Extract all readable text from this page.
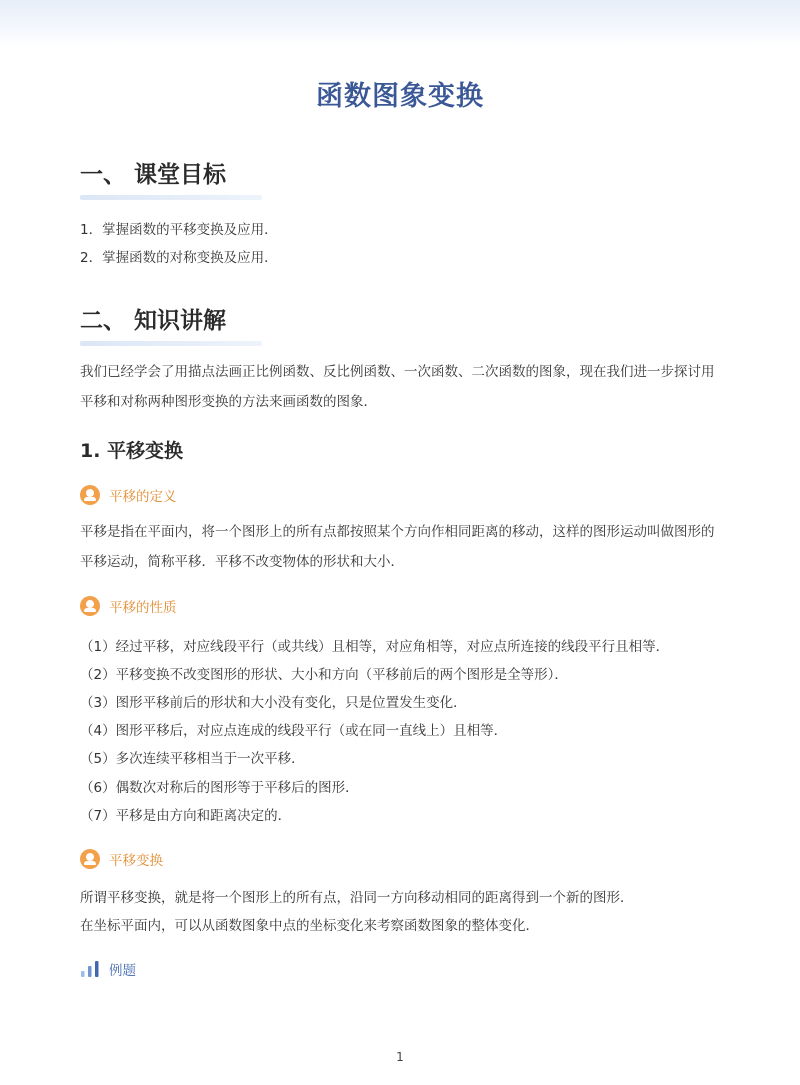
函数图象变换
一、 课堂目标
1．掌握函数的平移变换及应用．
2．掌握函数的对称变换及应用．
二、 知识讲解
我们已经学会了用描点法画正比例函数、反比例函数、一次函数、二次函数的图象，现在我们进一步探讨用平移和对称两种图形变换的方法来画函数的图象．
1. 平移变换
平移的定义
平移是指在平面内，将一个图形上的所有点都按照某个方向作相同距离的移动，这样的图形运动叫做图形的平移运动，简称平移．平移不改变物体的形状和大小．
平移的性质
（1）经过平移，对应线段平行（或共线）且相等，对应角相等，对应点所连接的线段平行且相等．
（2）平移变换不改变图形的形状、大小和方向（平移前后的两个图形是全等形）．
（3）图形平移前后的形状和大小没有变化，只是位置发生变化．
（4）图形平移后，对应点连成的线段平行（或在同一直线上）且相等．
（5）多次连续平移相当于一次平移．
（6）偶数次对称后的图形等于平移后的图形．
（7）平移是由方向和距离决定的．
平移变换
所谓平移变换，就是将一个图形上的所有点，沿同一方向移动相同的距离得到一个新的图形．
在坐标平面内，可以从函数图象中点的坐标变化来考察函数图象的整体变化．
例题
1
